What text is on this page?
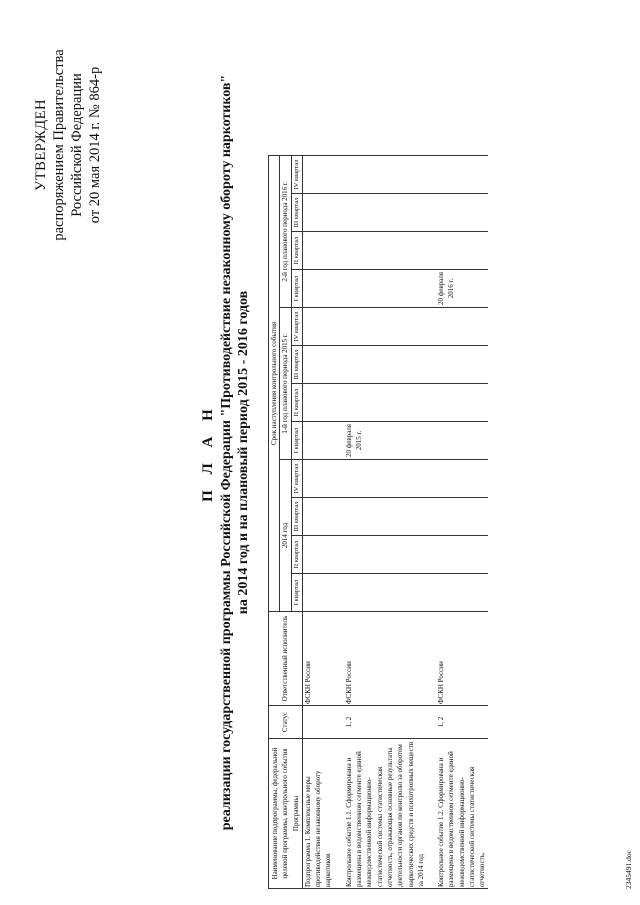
УТВЕРЖДЕН распоряжением Правительства Российской Федерации от 20 мая 2014 г. № 864-р
П Л А Н реализации государственной программы Российской Федерации "Противодействие незаконному обороту наркотиков" на 2014 год и на плановый период 2015 - 2016 годов
Наименование подпрограммы, федеральной целевой программы, контрольного события Программы	Статус	Ответственный исполнитель	Срок наступления контрольного события											
			2014 год				1-й год планового периода 2015 г.				2-й год планового периода 2016 г.			
			I квартал	II квартал	III квартал	IV квартал	I квартал	II квартал	III квартал	IV квартал	I квартал	II квартал	III квартал	IV квартал
Подпрограмма 1. Комплексные меры противодействия незаконному обороту наркотиков		ФСКН России												
Контрольное событие 1.1. Сформирована и размещена в ведомственном сегменте единой межведомственной информационно-статистической системы статистическая отчетность, отражающая основные результаты деятельности органов по контролю за оборотом наркотических средств и психотропных веществ за 2014 год	1, 2	ФСКН России					20 февраля 2015 г.							
Контрольное событие 1.2. Сформирована и размещена в ведомственном сегменте единой межведомственной информационно-статистической системы статистическая отчетность,	1, 2	ФСКН России									20 февраля 2016 г.			
2345491.doc
